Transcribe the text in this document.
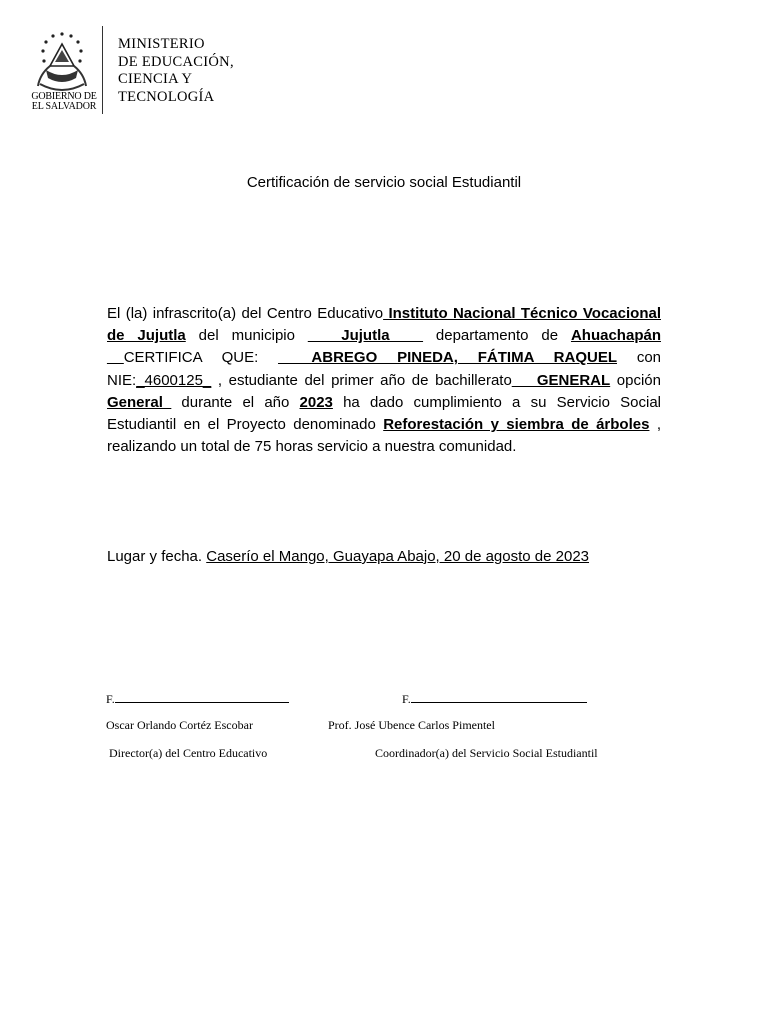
GOBIERNO DE
EL SALVADOR
MINISTERIO
DE EDUCACIÓN,
CIENCIA Y
TECNOLOGÍA
Certificación de servicio social Estudiantil
El (la) infrascrito(a) del Centro Educativo Instituto Nacional Técnico Vocacional de Jujutla del municipio ____Jujutla____ departamento de Ahuachapán __CERTIFICA QUE: ____ABREGO PINEDA, FÁTIMA RAQUEL con NIE:_4600125_ , estudiante del primer año de bachillerato___GENERAL opción General_ durante el año 2023 ha dado cumplimiento a su Servicio Social Estudiantil en el Proyecto denominado Reforestación y siembra de árboles , realizando un total de 75 horas servicio a nuestra comunidad.
Lugar y fecha. Caserío el Mango, Guayapa Abajo, 20 de agosto de 2023
F.	F.
Oscar Orlando Cortéz Escobar	Prof. José Ubence Carlos Pimentel
Director(a) del Centro Educativo	Coordinador(a) del Servicio Social Estudiantil
